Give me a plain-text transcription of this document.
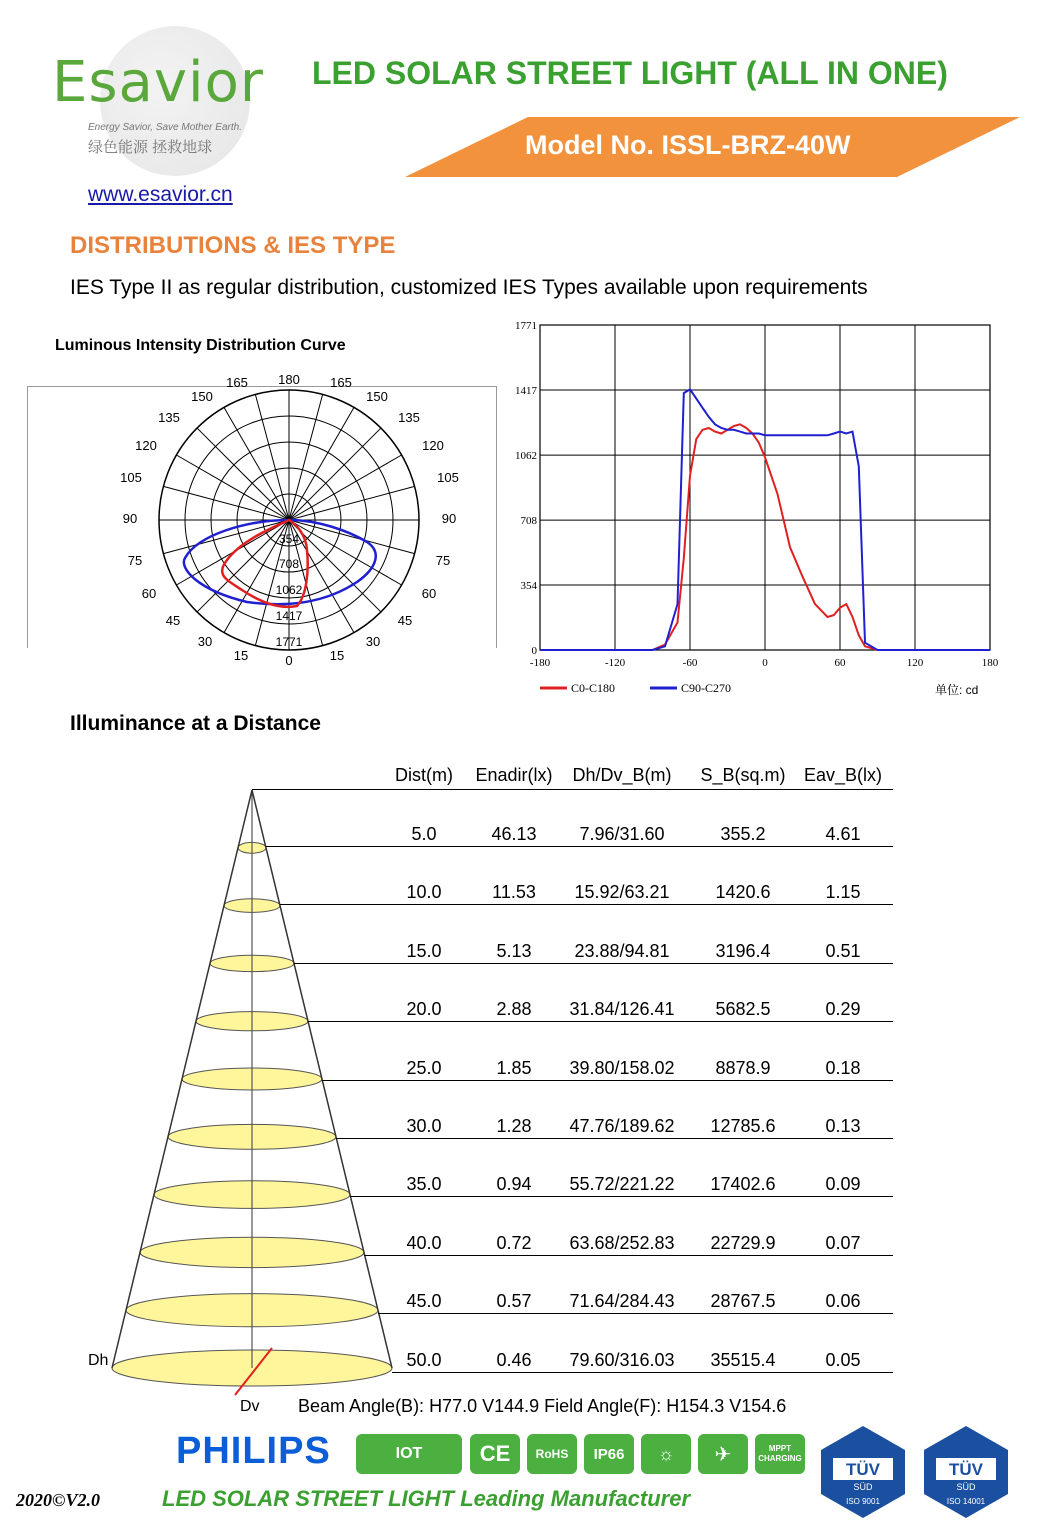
Esavior
Energy Savior, Save Mother Earth.
绿色能源 拯救地球
LED SOLAR STREET LIGHT (ALL IN ONE)
Model No. ISSL-BRZ-40W
www.esavior.cn
DISTRIBUTIONS & IES TYPE
IES Type II as regular distribution, customized IES Types available upon requirements
Luminous Intensity Distribution Curve
180
0
165
150
135
120
105
90
75
60
45
30
15
165
150
135
120
105
90
75
60
45
30
15
354
708
1062
1417
1771
0
354
708
1062
1417
1771
-180	-120	-60	0	60	120	180
C0-C180	C90-C270	单位: cd
Illuminance at a Distance
Dist(m)	Enadir(lx)	Dh/Dv_B(m)	S_B(sq.m)	Eav_B(lx)
5.0	46.13	7.96/31.60	355.2	4.61
10.0	11.53	15.92/63.21	1420.6	1.15
15.0	5.13	23.88/94.81	3196.4	0.51
20.0	2.88	31.84/126.41	5682.5	0.29
25.0	1.85	39.80/158.02	8878.9	0.18
30.0	1.28	47.76/189.62	12785.6	0.13
35.0	0.94	55.72/221.22	17402.6	0.09
40.0	0.72	63.68/252.83	22729.9	0.07
45.0	0.57	71.64/284.43	28767.5	0.06
50.0	0.46	79.60/316.03	35515.4	0.05
Dh
Dv Beam Angle(B): H77.0 V144.9 Field Angle(F): H154.3 V154.6
PHILIPS	IOT	CE	RoHS	IP66	☼	✈	MPPT CHARGING
TÜV
SÜD
ISO 9001
TÜV
SÜD
ISO 14001
2020©V2.0	LED SOLAR STREET LIGHT Leading Manufacturer
